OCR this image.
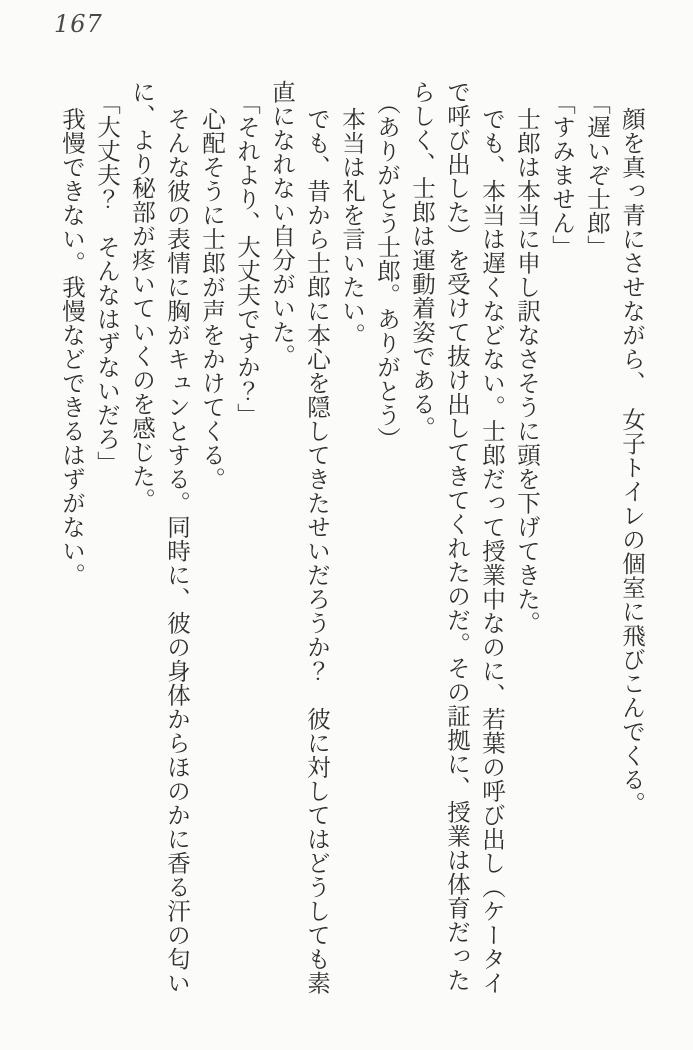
167

顔を真っ青にさせながら、　女子トイレの個室に飛びこんでくる。

「遅いぞ士郎」

「すみません」

士郎は本当に申し訳なさそうに頭を下げてきた。

でも、本当は遅くなどない。士郎だって授業中なのに、若葉の呼び出し（ケータイで呼び出した）を受けて抜け出してきてくれたのだ。その証拠に、授業は体育だったらしく、士郎は運動着姿である。

（ありがとう士郎。ありがとう）

本当は礼を言いたい。

でも、昔から士郎に本心を隠してきたせいだろうか？　彼に対してはどうしても素直になれない自分がいた。

「それより、大丈夫ですか？」

心配そうに士郎が声をかけてくる。

そんな彼の表情に胸がキュンとする。同時に、彼の身体からほのかに香る汗の匂いに、より秘部が疼いていくのを感じた。

「大丈夫？　そんなはずないだろ」

我慢できない。我慢などできるはずがない。
